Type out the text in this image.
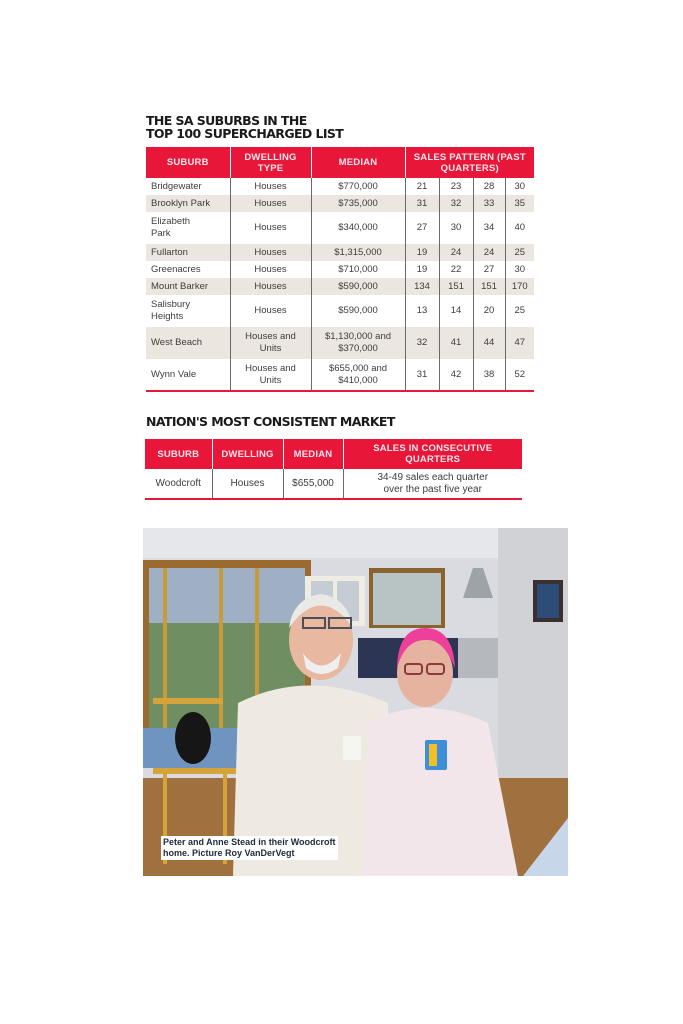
THE SA SUBURBS IN THE
TOP 100 SUPERCHARGED LIST
SUBURB	DWELLING TYPE	MEDIAN	SALES PATTERN (PAST QUARTERS)			
Bridgewater	Houses	$770,000	21	23	28	30
Brooklyn Park	Houses	$735,000	31	32	33	35
Elizabeth Park	Houses	$340,000	27	30	34	40
Fullarton	Houses	$1,315,000	19	24	24	25
Greenacres	Houses	$710,000	19	22	27	30
Mount Barker	Houses	$590,000	134	151	151	170
Salisbury Heights	Houses	$590,000	13	14	20	25
West Beach	Houses and Units	$1,130,000 and $370,000	32	41	44	47
Wynn Vale	Houses and Units	$655,000 and $410,000	31	42	38	52
NATION'S MOST CONSISTENT MARKET
SUBURB	DWELLING	MEDIAN	SALES IN CONSECUTIVE QUARTERS
Woodcroft	Houses	$655,000	34-49 sales each quarter over the past five year
Peter and Anne Stead in their Woodcroft
home. Picture Roy VanDerVegt
